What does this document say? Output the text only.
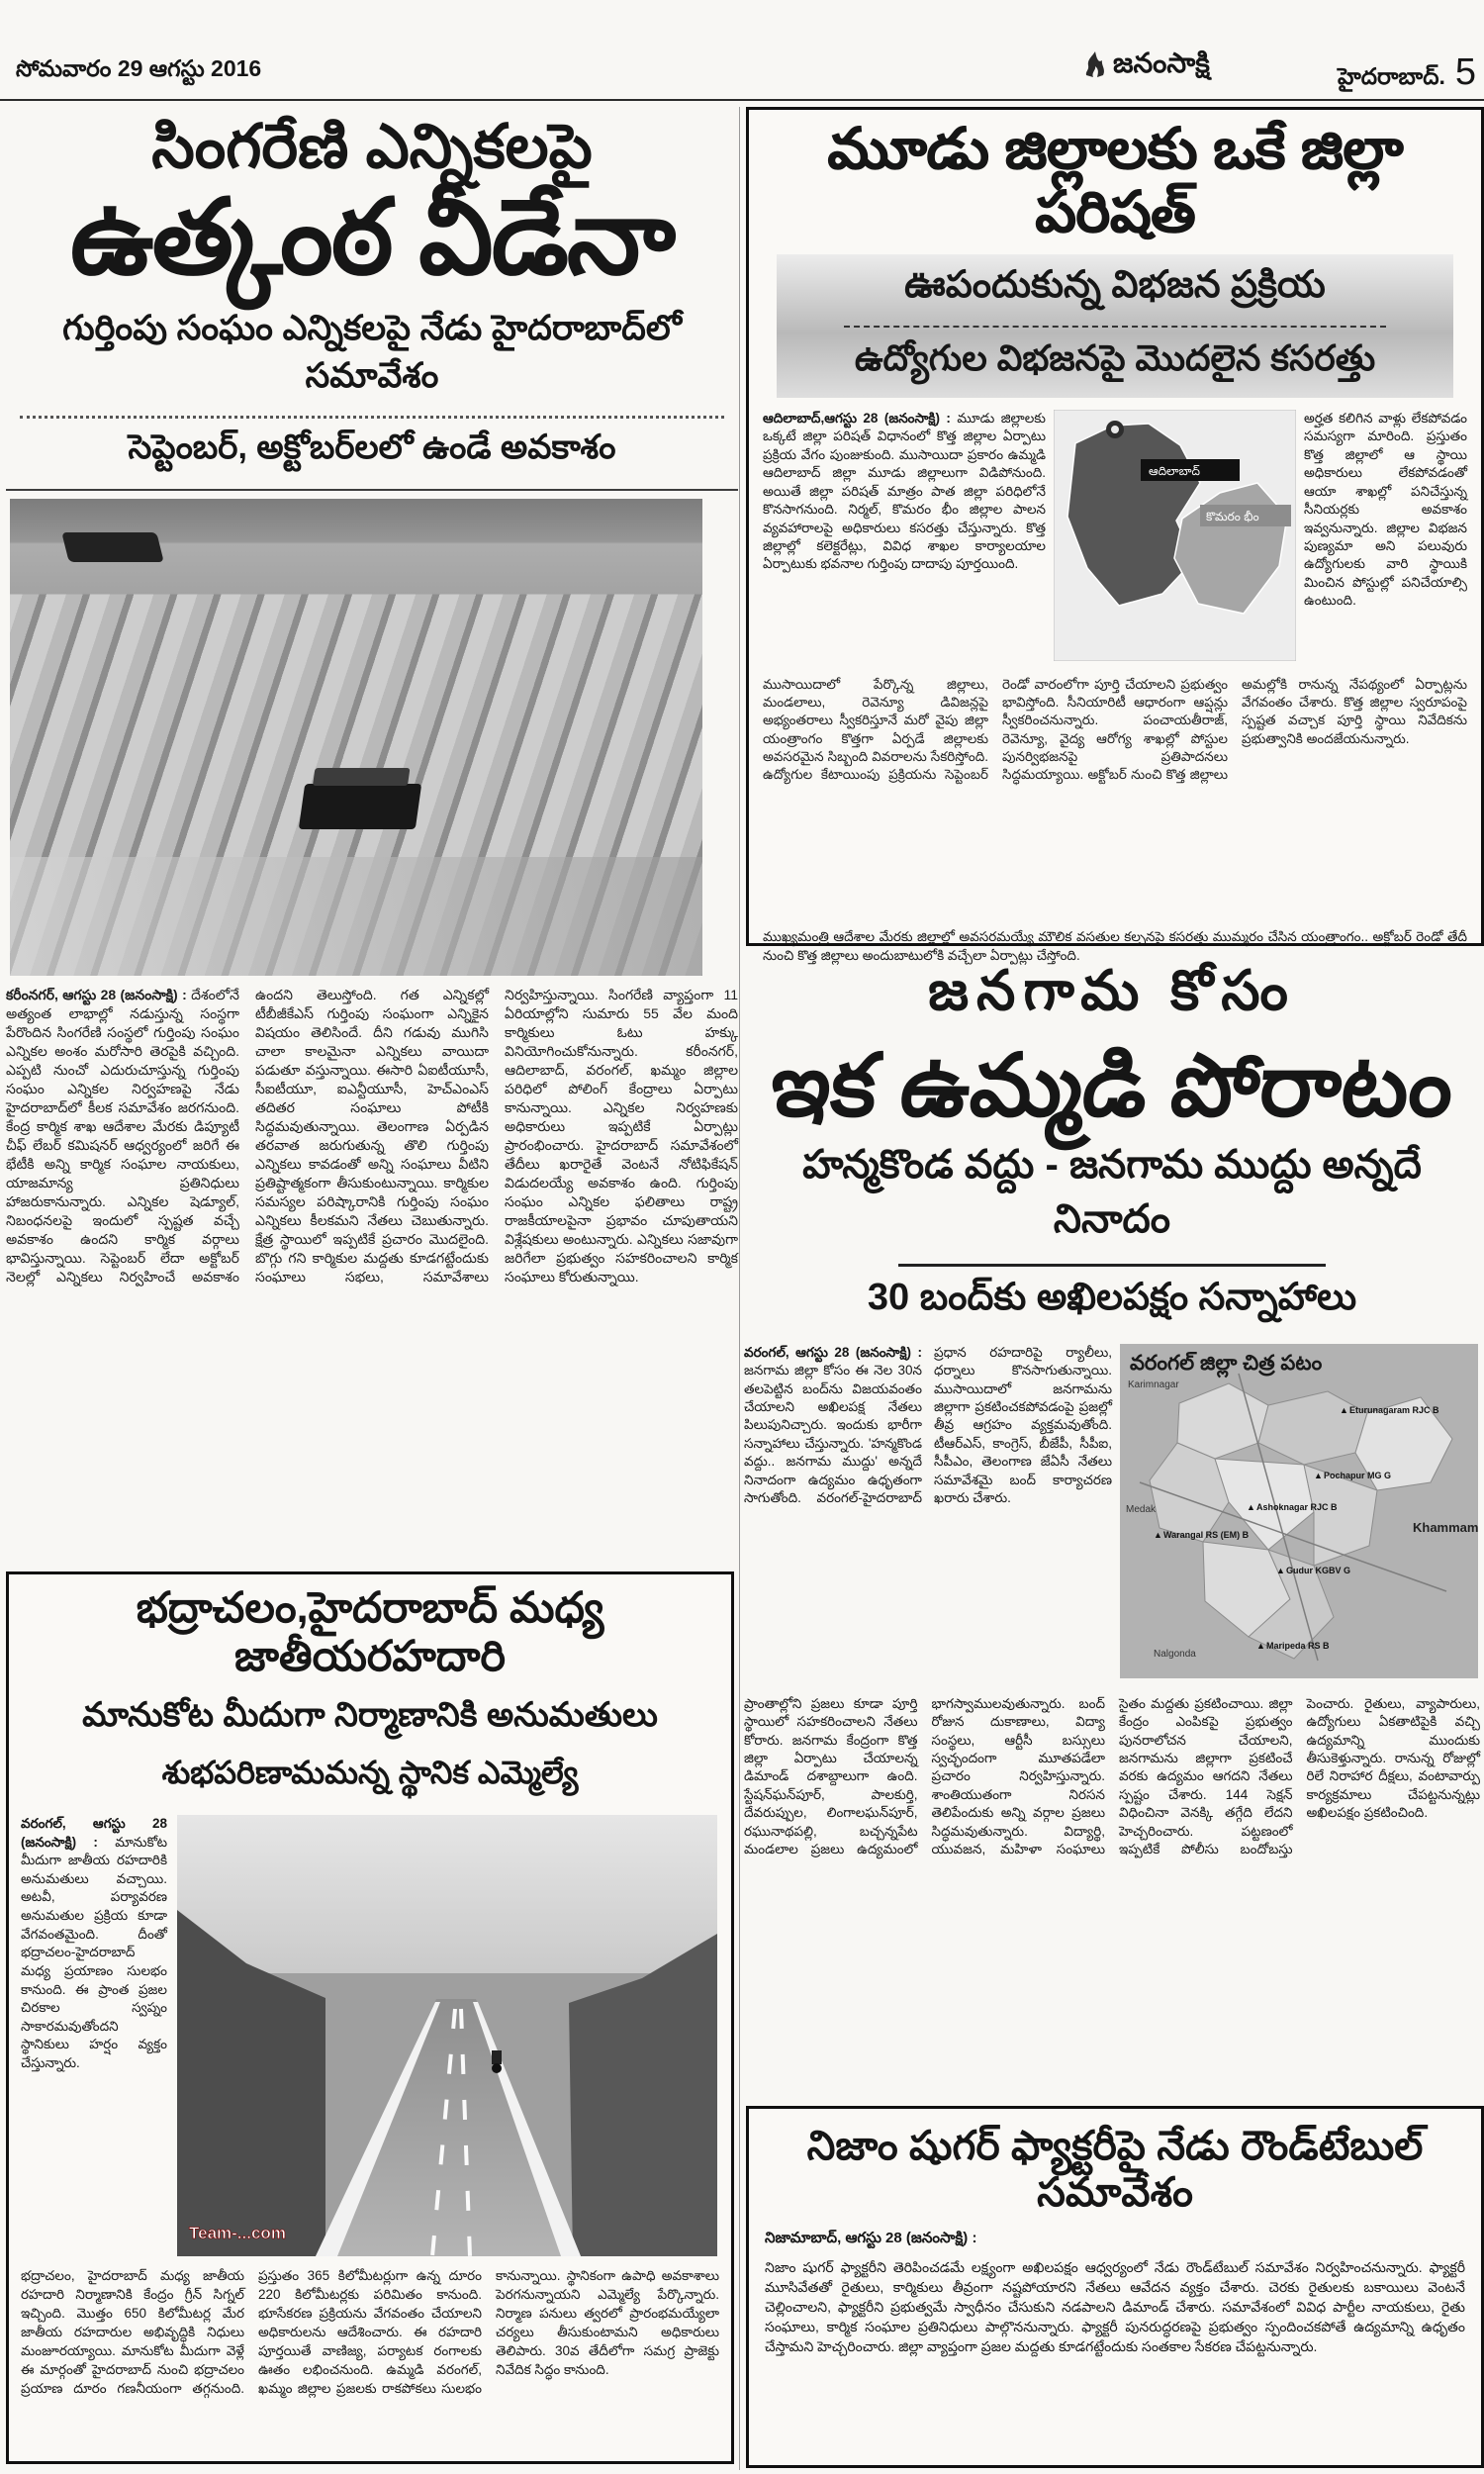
సోమవారం 29 ఆగస్టు 2016	జనంసాక్షి	హైదరాబాద్. 5
సింగరేణి ఎన్నికలపై
ఉత్కంఠ వీడేనా
గుర్తింపు సంఘం ఎన్నికలపై నేడు హైదరాబాద్‌లో సమావేశం
సెప్టెంబర్, అక్టోబర్‌లలో ఉండే అవకాశం

కరీంనగర్, ఆగస్టు 28 (జనంసాక్షి) : దేశంలోనే అత్యంత లాభాల్లో నడుస్తున్న సంస్థగా పేరొందిన సింగరేణి సంస్థలో గుర్తింపు సంఘం ఎన్నికల అంశం మరోసారి తెరపైకి వచ్చింది. ఎప్పటి నుంచో ఎదురుచూస్తున్న గుర్తింపు సంఘం ఎన్నికల నిర్వహణపై నేడు హైదరాబాద్‌లో కీలక సమావేశం జరగనుంది. కేంద్ర కార్మిక శాఖ ఆదేశాల మేరకు డిప్యూటీ చీఫ్ లేబర్ కమిషనర్ ఆధ్వర్యంలో జరిగే ఈ భేటీకి అన్ని కార్మిక సంఘాల నాయకులు, యాజమాన్య ప్రతినిధులు హాజరుకానున్నారు. ఎన్నికల షెడ్యూల్, నిబంధనలపై ఇందులో స్పష్టత వచ్చే అవకాశం ఉందని కార్మిక వర్గాలు భావిస్తున్నాయి. సెప్టెంబర్ లేదా అక్టోబర్ నెలల్లో ఎన్నికలు నిర్వహించే అవకాశం ఉందని తెలుస్తోంది. గత ఎన్నికల్లో టీబీజీకేఎస్ గుర్తింపు సంఘంగా ఎన్నికైన విషయం తెలిసిందే. దీని గడువు ముగిసి చాలా కాలమైనా ఎన్నికలు వాయిదా పడుతూ వస్తున్నాయి. ఈసారి ఏఐటీయూసీ, సీఐటీయూ, ఐఎన్టీయూసీ, హెచ్ఎంఎస్ తదితర సంఘాలు పోటీకి సిద్ధమవుతున్నాయి. తెలంగాణ ఏర్పడిన తరవాత జరుగుతున్న తొలి గుర్తింపు ఎన్నికలు కావడంతో అన్ని సంఘాలు వీటిని ప్రతిష్టాత్మకంగా తీసుకుంటున్నాయి. కార్మికుల సమస్యల పరిష్కారానికి గుర్తింపు సంఘం ఎన్నికలు కీలకమని నేతలు చెబుతున్నారు. క్షేత్ర స్థాయిలో ఇప్పటికే ప్రచారం మొదలైంది. బొగ్గు గని కార్మికుల మద్దతు కూడగట్టేందుకు సంఘాలు సభలు, సమావేశాలు నిర్వహిస్తున్నాయి. సింగరేణి వ్యాప్తంగా 11 ఏరియాల్లోని సుమారు 55 వేల మంది కార్మికులు ఓటు హక్కు వినియోగించుకోనున్నారు. కరీంనగర్, ఆదిలాబాద్, వరంగల్, ఖమ్మం జిల్లాల పరిధిలో పోలింగ్ కేంద్రాలు ఏర్పాటు కానున్నాయి. ఎన్నికల నిర్వహణకు అధికారులు ఇప్పటికే ఏర్పాట్లు ప్రారంభించారు. హైదరాబాద్ సమావేశంలో తేదీలు ఖరారైతే వెంటనే నోటిఫికేషన్ విడుదలయ్యే అవకాశం ఉంది. గుర్తింపు సంఘం ఎన్నికల ఫలితాలు రాష్ట్ర రాజకీయాలపైనా ప్రభావం చూపుతాయని విశ్లేషకులు అంటున్నారు. ఎన్నికలు సజావుగా జరిగేలా ప్రభుత్వం సహకరించాలని కార్మిక సంఘాలు కోరుతున్నాయి.

భద్రాచలం,హైదరాబాద్ మధ్య జాతీయరహదారి
మానుకోట మీదుగా నిర్మాణానికి అనుమతులు
శుభపరిణామమన్న స్థానిక ఎమ్మెల్యే

వరంగల్, ఆగస్టు 28 (జనంసాక్షి) : మానుకోట మీదుగా జాతీయ రహదారికి అనుమతులు వచ్చాయి. అటవీ, పర్యావరణ అనుమతుల ప్రక్రియ కూడా వేగవంతమైంది. దీంతో భద్రాచలం-హైదరాబాద్ మధ్య ప్రయాణం సులభం కానుంది. ఈ ప్రాంత ప్రజల చిరకాల స్వప్నం సాకారమవుతోందని స్థానికులు హర్షం వ్యక్తం చేస్తున్నారు.

Team-...com

భద్రాచలం, హైదరాబాద్ మధ్య జాతీయ రహదారి నిర్మాణానికి కేంద్రం గ్రీన్ సిగ్నల్ ఇచ్చింది. మొత్తం 650 కిలోమీటర్ల మేర జాతీయ రహదారుల అభివృద్ధికి నిధులు మంజూరయ్యాయి. మానుకోట మీదుగా వెళ్లే ఈ మార్గంతో హైదరాబాద్ నుంచి భద్రాచలం ప్రయాణ దూరం గణనీయంగా తగ్గనుంది. ప్రస్తుతం 365 కిలోమీటర్లుగా ఉన్న దూరం 220 కిలోమీటర్లకు పరిమితం కానుంది. భూసేకరణ ప్రక్రియను వేగవంతం చేయాలని అధికారులను ఆదేశించారు. ఈ రహదారి పూర్తయితే వాణిజ్య, పర్యాటక రంగాలకు ఊతం లభించనుంది. ఉమ్మడి వరంగల్, ఖమ్మం జిల్లాల ప్రజలకు రాకపోకలు సులభం కానున్నాయి. స్థానికంగా ఉపాధి అవకాశాలు పెరగనున్నాయని ఎమ్మెల్యే పేర్కొన్నారు. నిర్మాణ పనులు త్వరలో ప్రారంభమయ్యేలా చర్యలు తీసుకుంటామని అధికారులు తెలిపారు. 30వ తేదీలోగా సమగ్ర ప్రాజెక్టు నివేదిక సిద్ధం కానుంది.

మూడు జిల్లాలకు ఒకే జిల్లా పరిషత్
ఊపందుకున్న విభజన ప్రక్రియ
ఉద్యోగుల విభజనపై మొదలైన కసరత్తు

ఆదిలాబాద్,ఆగస్టు 28 (జనంసాక్షి) : మూడు జిల్లాలకు ఒక్కటే జిల్లా పరిషత్ విధానంలో కొత్త జిల్లాల ఏర్పాటు ప్రక్రియ వేగం పుంజుకుంది. ముసాయిదా ప్రకారం ఉమ్మడి ఆదిలాబాద్ జిల్లా మూడు జిల్లాలుగా విడిపోనుంది. అయితే జిల్లా పరిషత్ మాత్రం పాత జిల్లా పరిధిలోనే కొనసాగనుంది. నిర్మల్, కొమరం భీం జిల్లాల పాలన వ్యవహారాలపై అధికారులు కసరత్తు చేస్తున్నారు. కొత్త జిల్లాల్లో కలెక్టరేట్లు, వివిధ శాఖల కార్యాలయాల ఏర్పాటుకు భవనాల గుర్తింపు దాదాపు పూర్తయింది.

ఆదిలాబాద్
కొమరం భీం

అర్హత కలిగిన వాళ్లు లేకపోవడం సమస్యగా మారింది. ప్రస్తుతం కొత్త జిల్లాలో ఆ స్థాయి అధికారులు లేకపోవడంతో ఆయా శాఖల్లో పనిచేస్తున్న సీనియర్లకు అవకాశం ఇవ్వనున్నారు. జిల్లాల విభజన పుణ్యమా అని పలువురు ఉద్యోగులకు వారి స్థాయికి మించిన పోస్టుల్లో పనిచేయాల్సి ఉంటుంది.

ముసాయిదాలో పేర్కొన్న జిల్లాలు, మండలాలు, రెవెన్యూ డివిజన్లపై అభ్యంతరాలు స్వీకరిస్తూనే మరో వైపు జిల్లా యంత్రాంగం కొత్తగా ఏర్పడే జిల్లాలకు అవసరమైన సిబ్బంది వివరాలను సేకరిస్తోంది. ఉద్యోగుల కేటాయింపు ప్రక్రియను సెప్టెంబర్ రెండో వారంలోగా పూర్తి చేయాలని ప్రభుత్వం భావిస్తోంది. సీనియారిటీ ఆధారంగా ఆప్షన్లు స్వీకరించనున్నారు. పంచాయతీరాజ్, రెవెన్యూ, వైద్య ఆరోగ్య శాఖల్లో పోస్టుల పునర్విభజనపై ప్రతిపాదనలు సిద్ధమయ్యాయి. అక్టోబర్ నుంచి కొత్త జిల్లాలు అమల్లోకి రానున్న నేపథ్యంలో ఏర్పాట్లను వేగవంతం చేశారు. కొత్త జిల్లాల స్వరూపంపై స్పష్టత వచ్చాక పూర్తి స్థాయి నివేదికను ప్రభుత్వానికి అందజేయనున్నారు.

ముఖ్యమంత్రి ఆదేశాల మేరకు జిల్లాల్లో అవసరమయ్యే మౌలిక వసతుల కల్పనపై కసరత్తు ముమ్మరం చేసిన యంత్రాంగం.. అక్టోబర్ రెండో తేదీ నుంచి కొత్త జిల్లాలు అందుబాటులోకి వచ్చేలా ఏర్పాట్లు చేస్తోంది.

జనగామ కోసం
ఇక ఉమ్మడి పోరాటం
హన్మకొండ వద్దు - జనగామ ముద్దు అన్నదే నినాదం
30 బంద్‌కు అఖిలపక్షం సన్నాహాలు

వరంగల్, ఆగస్టు 28 (జనంసాక్షి) : జనగామ జిల్లా కోసం ఈ నెల 30న తలపెట్టిన బంద్‌ను విజయవంతం చేయాలని అఖిలపక్ష నేతలు పిలుపునిచ్చారు. ఇందుకు భారీగా సన్నాహాలు చేస్తున్నారు. 'హన్మకొండ వద్దు.. జనగామ ముద్దు' అన్నదే నినాదంగా ఉద్యమం ఉధృతంగా సాగుతోంది. వరంగల్-హైదరాబాద్ ప్రధాన రహదారిపై ర్యాలీలు, ధర్నాలు కొనసాగుతున్నాయి. ముసాయిదాలో జనగామను జిల్లాగా ప్రకటించకపోవడంపై ప్రజల్లో తీవ్ర ఆగ్రహం వ్యక్తమవుతోంది. టీఆర్ఎస్, కాంగ్రెస్, బీజేపీ, సీపీఐ, సీపీఎం, తెలంగాణ జేఏసీ నేతలు సమావేశమై బంద్ కార్యాచరణ ఖరారు చేశారు.

వరంగల్ జిల్లా చిత్ర పటం
Karimnagar
Khammam
Medak
Nalgonda
▲ Eturunagaram RJC B
▲ Pochapur MG G
▲ Ashoknagar RJC B
▲ Warangal RS (EM) B
▲ Gudur KGBV G
▲ Maripeda RS B

ప్రాంతాల్లోని ప్రజలు కూడా పూర్తి స్థాయిలో సహకరించాలని నేతలు కోరారు. జనగామ కేంద్రంగా కొత్త జిల్లా ఏర్పాటు చేయాలన్న డిమాండ్ దశాబ్దాలుగా ఉంది. స్టేషన్‌ఘన్‌పూర్, పాలకుర్తి, దేవరుప్పుల, లింగాలఘన్‌పూర్, రఘునాథపల్లి, బచ్చన్నపేట మండలాల ప్రజలు ఉద్యమంలో భాగస్వాములవుతున్నారు. బంద్ రోజున దుకాణాలు, విద్యా సంస్థలు, ఆర్టీసీ బస్సులు స్వచ్ఛందంగా మూతపడేలా ప్రచారం నిర్వహిస్తున్నారు. శాంతియుతంగా నిరసన తెలిపేందుకు అన్ని వర్గాల ప్రజలు సిద్ధమవుతున్నారు. విద్యార్థి, యువజన, మహిళా సంఘాలు సైతం మద్దతు ప్రకటించాయి. జిల్లా కేంద్రం ఎంపికపై ప్రభుత్వం పునరాలోచన చేయాలని, జనగామను జిల్లాగా ప్రకటించే వరకు ఉద్యమం ఆగదని నేతలు స్పష్టం చేశారు. 144 సెక్షన్ విధించినా వెనక్కి తగ్గేది లేదని హెచ్చరించారు. పట్టణంలో ఇప్పటికే పోలీసు బందోబస్తు పెంచారు. రైతులు, వ్యాపారులు, ఉద్యోగులు ఏకతాటిపైకి వచ్చి ఉద్యమాన్ని ముందుకు తీసుకెళ్తున్నారు. రానున్న రోజుల్లో రిలే నిరాహార దీక్షలు, వంటావార్పు కార్యక్రమాలు చేపట్టనున్నట్లు అఖిలపక్షం ప్రకటించింది.

నిజాం షుగర్ ఫ్యాక్టరీపై నేడు రౌండ్‌టేబుల్ సమావేశం
నిజామాబాద్, ఆగస్టు 28 (జనంసాక్షి) :

నిజాం షుగర్ ఫ్యాక్టరీని తెరిపించడమే లక్ష్యంగా అఖిలపక్షం ఆధ్వర్యంలో నేడు రౌండ్‌టేబుల్ సమావేశం నిర్వహించనున్నారు. ఫ్యాక్టరీ మూసివేతతో రైతులు, కార్మికులు తీవ్రంగా నష్టపోయారని నేతలు ఆవేదన వ్యక్తం చేశారు. చెరకు రైతులకు బకాయిలు వెంటనే చెల్లించాలని, ఫ్యాక్టరీని ప్రభుత్వమే స్వాధీనం చేసుకుని నడపాలని డిమాండ్ చేశారు. సమావేశంలో వివిధ పార్టీల నాయకులు, రైతు సంఘాలు, కార్మిక సంఘాల ప్రతినిధులు పాల్గొననున్నారు. ఫ్యాక్టరీ పునరుద్ధరణపై ప్రభుత్వం స్పందించకపోతే ఉద్యమాన్ని ఉధృతం చేస్తామని హెచ్చరించారు. జిల్లా వ్యాప్తంగా ప్రజల మద్దతు కూడగట్టేందుకు సంతకాల సేకరణ చేపట్టనున్నారు.
